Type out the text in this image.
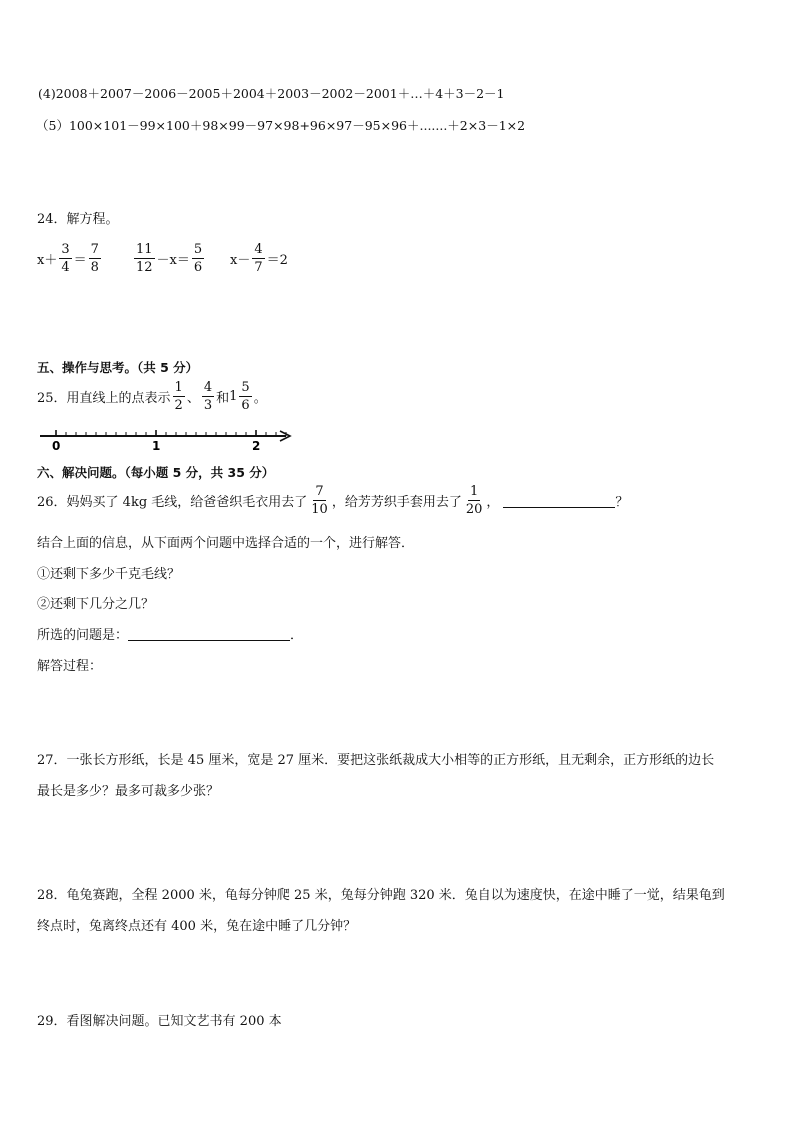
(4)2008＋2007－2006－2005＋2004＋2003－2002－2001＋…＋4＋3－2－1
（5）100×101－99×100＋98×99－97×98+96×97－95×96＋.......＋2×3－1×2
24．解方程。
$x+ \frac{3}{4} = \frac{7}{8}$	$\frac{11}{12} -x= \frac{5}{6} x- \frac{4}{7} =2$
五、操作与思考。（共 5 分）
25．用直线上的点表示 $\frac{1}{2}$ 、 $\frac{4}{3}$ 和 $1 \frac{5}{6}$ 。
0	1	2
六、解决问题。（每小题 5 分，共 35 分）
26．妈妈买了 4kg 毛线，给爸爸织毛衣用去了 $\frac{7}{10}$ ，给芳芳织手套用去了 $\frac{1}{20}$ ，	？
结合上面的信息，从下面两个问题中选择合适的一个，进行解答．
①还剩下多少千克毛线？
②还剩下几分之几？
所选的问题是：	．
解答过程：
27．一张长方形纸，长是 45 厘米，宽是 27 厘米．要把这张纸裁成大小相等的正方形纸，且无剩余，正方形纸的边长
最长是多少？最多可裁多少张？
28．龟兔赛跑，全程 2000 米，龟每分钟爬 25 米，兔每分钟跑 320 米．兔自以为速度快，在途中睡了一觉，结果龟到
终点时，兔离终点还有 400 米，兔在途中睡了几分钟？
29．看图解决问题。已知文艺书有 200 本
